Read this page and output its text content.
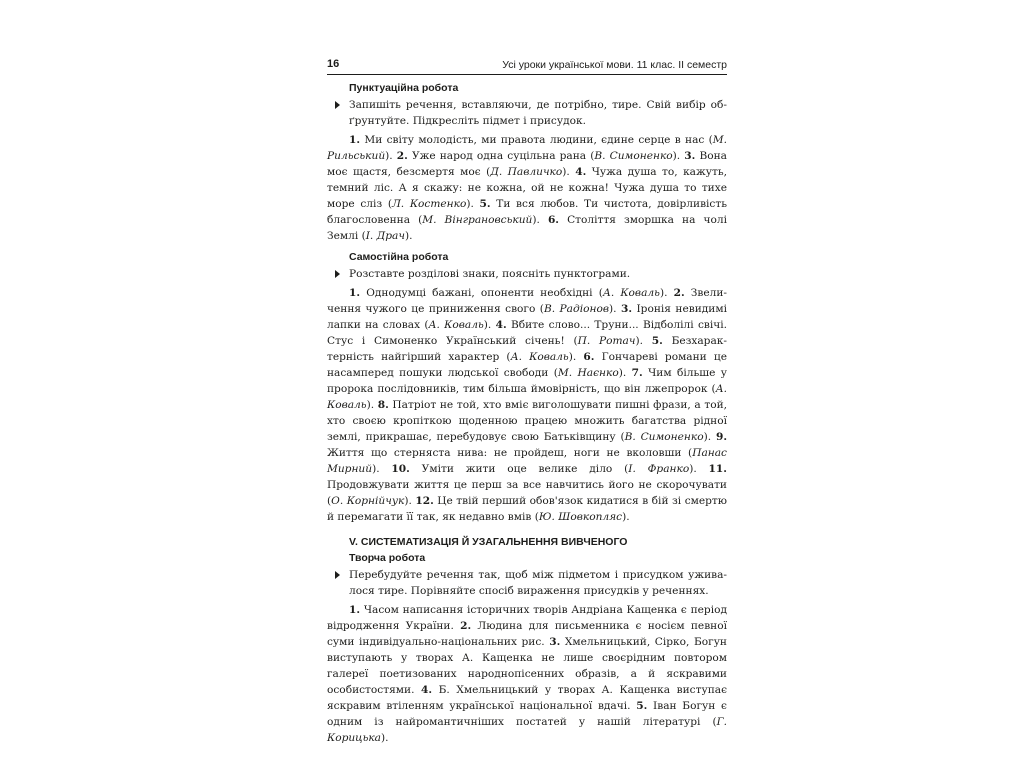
16	Усі уроки української мови. 11 клас. ІІ семестр
Пунктуаційна робота

Запишіть речення, вставляючи, де потрібно, тире. Свій вибір обґрунтуйте. Підкресліть підмет і присудок.

1. Ми світу молодість, ми правота людини, єдине серце в нас (М. Рильський). 2. Уже народ одна суцільна рана (В. Симоненко). 3. Вона моє щастя, безсмертя моє (Д. Павличко). 4. Чужа душа то, кажуть, темний ліс. А я скажу: не кожна, ой не кожна! Чужа душа то тихе море сліз (Л. Костенко). 5. Ти вся любов. Ти чистота, довірливість благословенна (М. Вінграновський). 6. Століття зморшка на чолі Землі (І. Драч).

Самостійна робота

Розставте розділові знаки, поясніть пунктограми.

1. Однодумці бажані, опоненти необхідні (А. Коваль). 2. Звеличення чужого це приниження свого (В. Радіонов). 3. Іронія невидимі лапки на словах (А. Коваль). 4. Вбите слово... Труни... Відболілі свічі. Стус і Симоненко Український січень! (П. Ротач). 5. Безхарактерність найгірший характер (А. Коваль). 6. Гончареві романи це насамперед пошуки людської свободи (М. Наєнко). 7. Чим більше у пророка послідовників, тим більша ймовірність, що він лжепророк (А. Коваль). 8. Патріот не той, хто вміє виголошувати пишні фрази, а той, хто своєю кропіткою щоденною працею множить багатства рідної землі, прикрашає, перебудовує свою Батьківщину (В. Симоненко). 9. Життя що стерняста нива: не пройдеш, ноги не вколовши (Панас Мирний). 10. Уміти жити оце велике діло (І. Франко). 11. Продовжувати життя це перш за все навчитись його не скорочувати (О. Корнійчук). 12. Це твій перший обов'язок кидатися в бій зі смертю й перемагати її так, як недавно вмів (Ю. Шовкопляс).

V. СИСТЕМАТИЗАЦІЯ Й УЗАГАЛЬНЕННЯ ВИВЧЕНОГО
Творча робота

Перебудуйте речення так, щоб між підметом і присудком уживaлося тире. Порівняйте спосіб вираження присудків у реченнях.

1. Часом написання історичних творів Андріана Кащенка є період відродження України. 2. Людина для письменника є носієм певної суми індивідуально-національних рис. 3. Хмельницький, Сірко, Богун виступають у творах А. Кащенка не лише своєрідним повтором галереї поетизованих народнопісенних образів, а й яскравими особистостями. 4. Б. Хмельницький у творах А. Кащенка виступає яскравим втіленням української національної вдачі. 5. Іван Богун є одним із найромантичніших постатей у нашій літературі (Г. Корицька).
